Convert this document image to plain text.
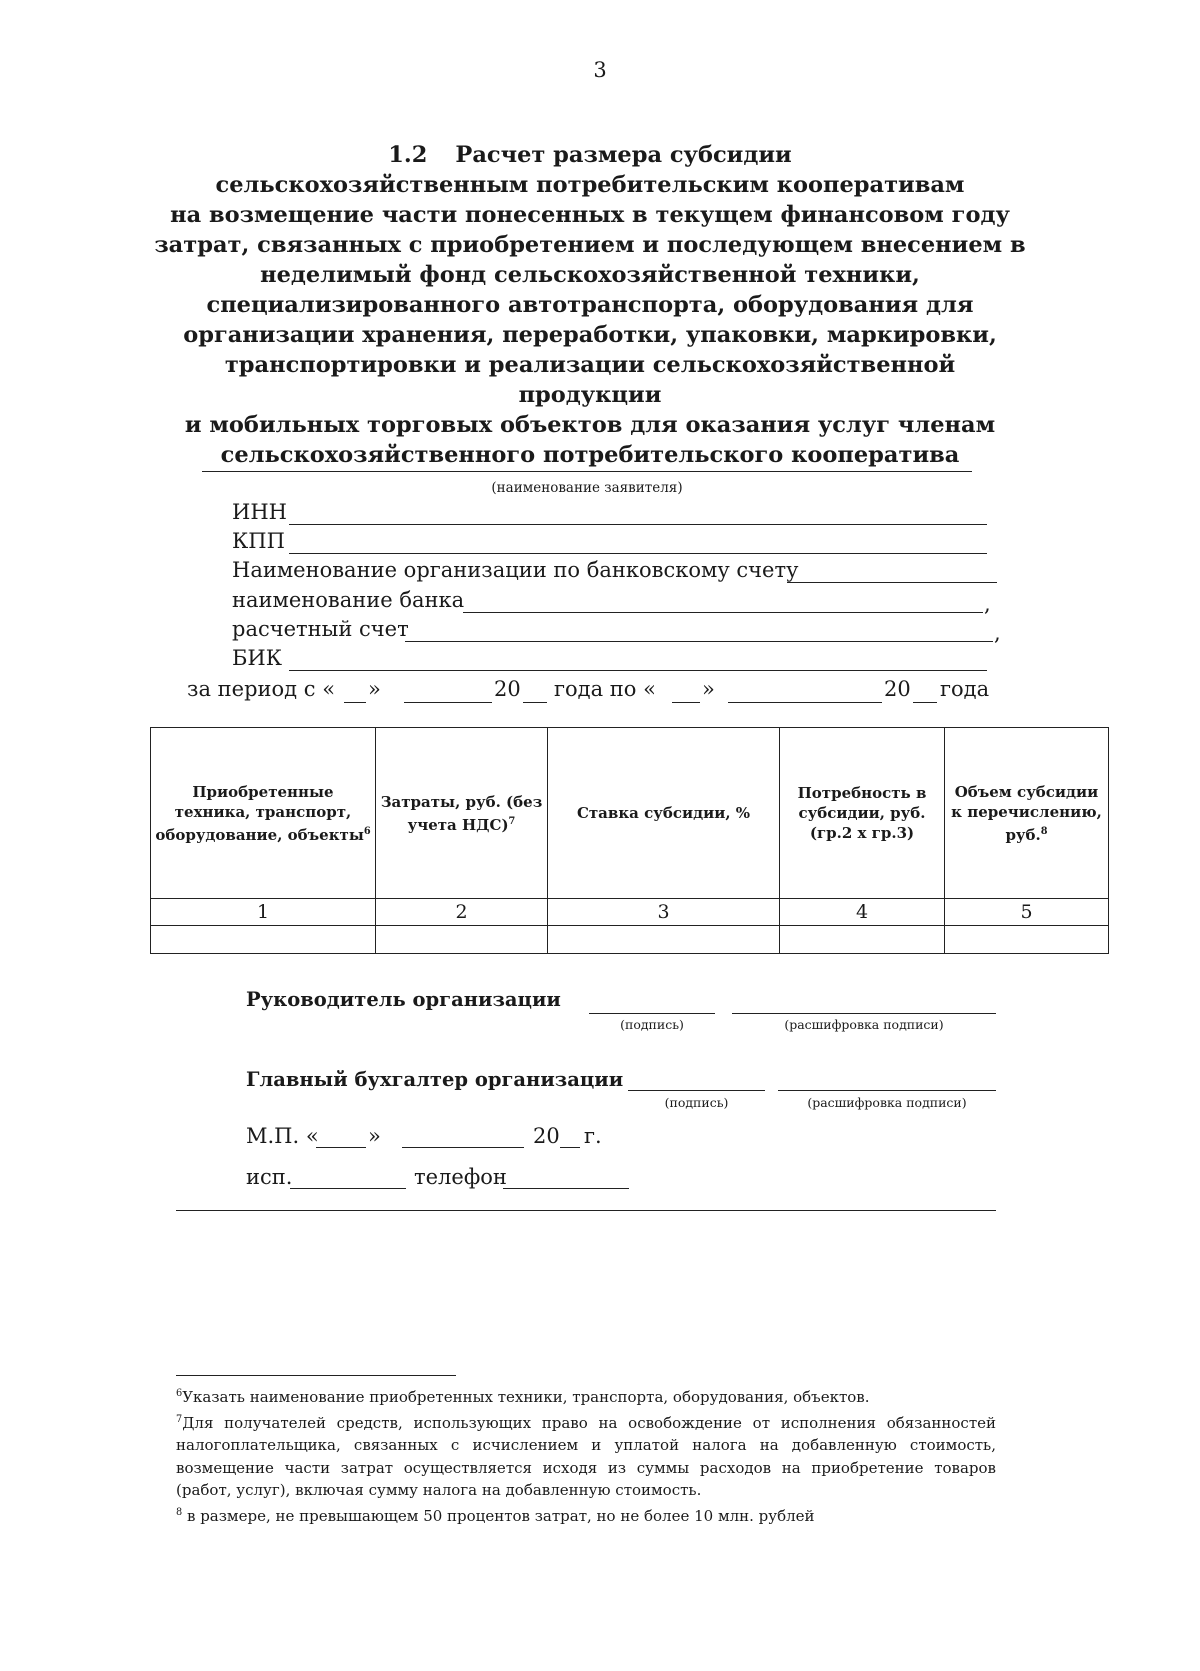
3
1.2 Расчет размера субсидии
сельскохозяйственным потребительским кооперативам
на возмещение части понесенных в текущем финансовом году
затрат, связанных с приобретением и последующем внесением в
неделимый фонд сельскохозяйственной техники,
специализированного автотранспорта, оборудования для
организации хранения, переработки, упаковки, маркировки,
транспортировки и реализации сельскохозяйственной продукции
и мобильных торговых объектов для оказания услуг членам
сельскохозяйственного потребительского кооператива
(наименование заявителя)
ИНН
КПП
Наименование организации по банковскому счету
наименование банка	,
расчетный счет	,
БИК
за период с « »	20 года по « »	20 года
Приобретенные техника, транспорт, оборудование, объекты$^6$	Затраты, руб. (без учета НДС)$^7$	Ставка субсидии, %	Потребность в субсидии, руб. (гр.2 х гр.3)	Объем субсидии к перечислению, руб.$^8$
1	2	3	4	5

Руководитель организации
(подпись)	(расшифровка подписи)
Главный бухгалтер организации
(подпись)	(расшифровка подписи)
М.П. « »	20 г.
исп.	телефон
$^6$Указать наименование приобретенных техники, транспорта, оборудования, объектов.
$^7$Для получателей средств, использующих право на освобождение от исполнения обязанностей налогоплательщика, связанных с исчислением и уплатой налога на добавленную стоимость, возмещение части затрат осуществляется исходя из суммы расходов на приобретение товаров (работ, услуг), включая сумму налога на добавленную стоимость.
$^8$ в размере, не превышающем 50 процентов затрат, но не более 10 млн. рублей
